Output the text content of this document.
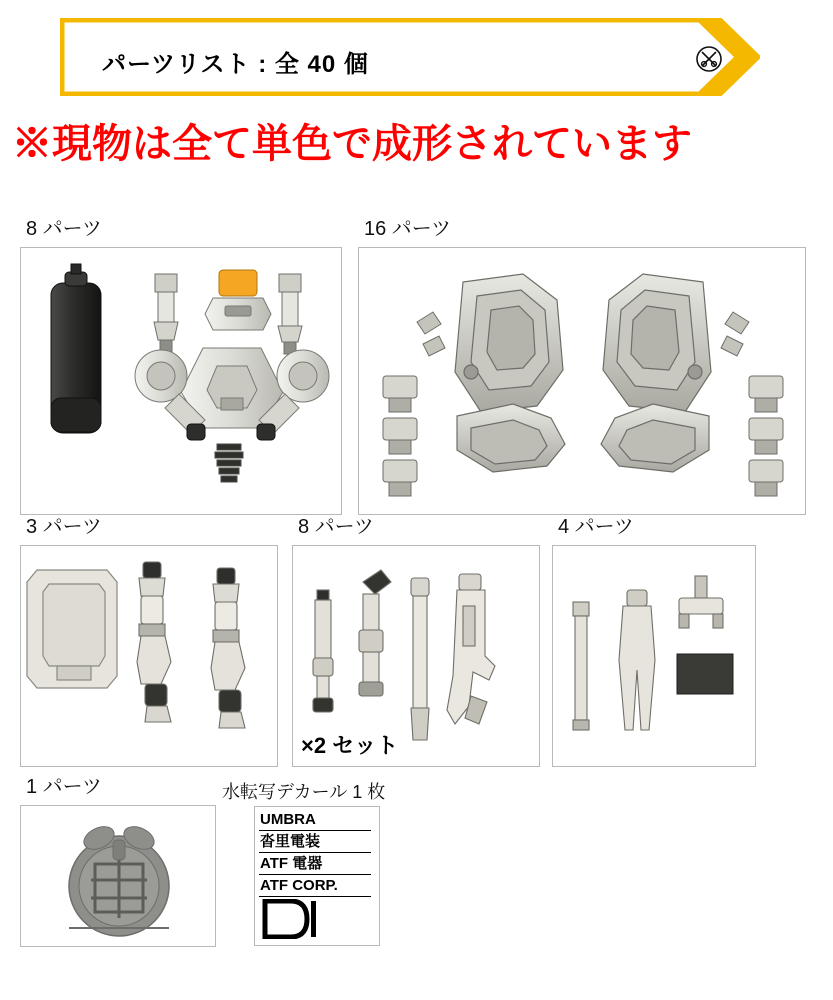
パーツリスト : 全 40 個
※現物は全て単色で成形されています
8 パーツ	16 パーツ
3 パーツ	8 パーツ
×2 セット
4 パーツ
1 パーツ	水転写デカール 1 枚
UMBRA
沓里電装
ATF 電器
ATF CORP.
